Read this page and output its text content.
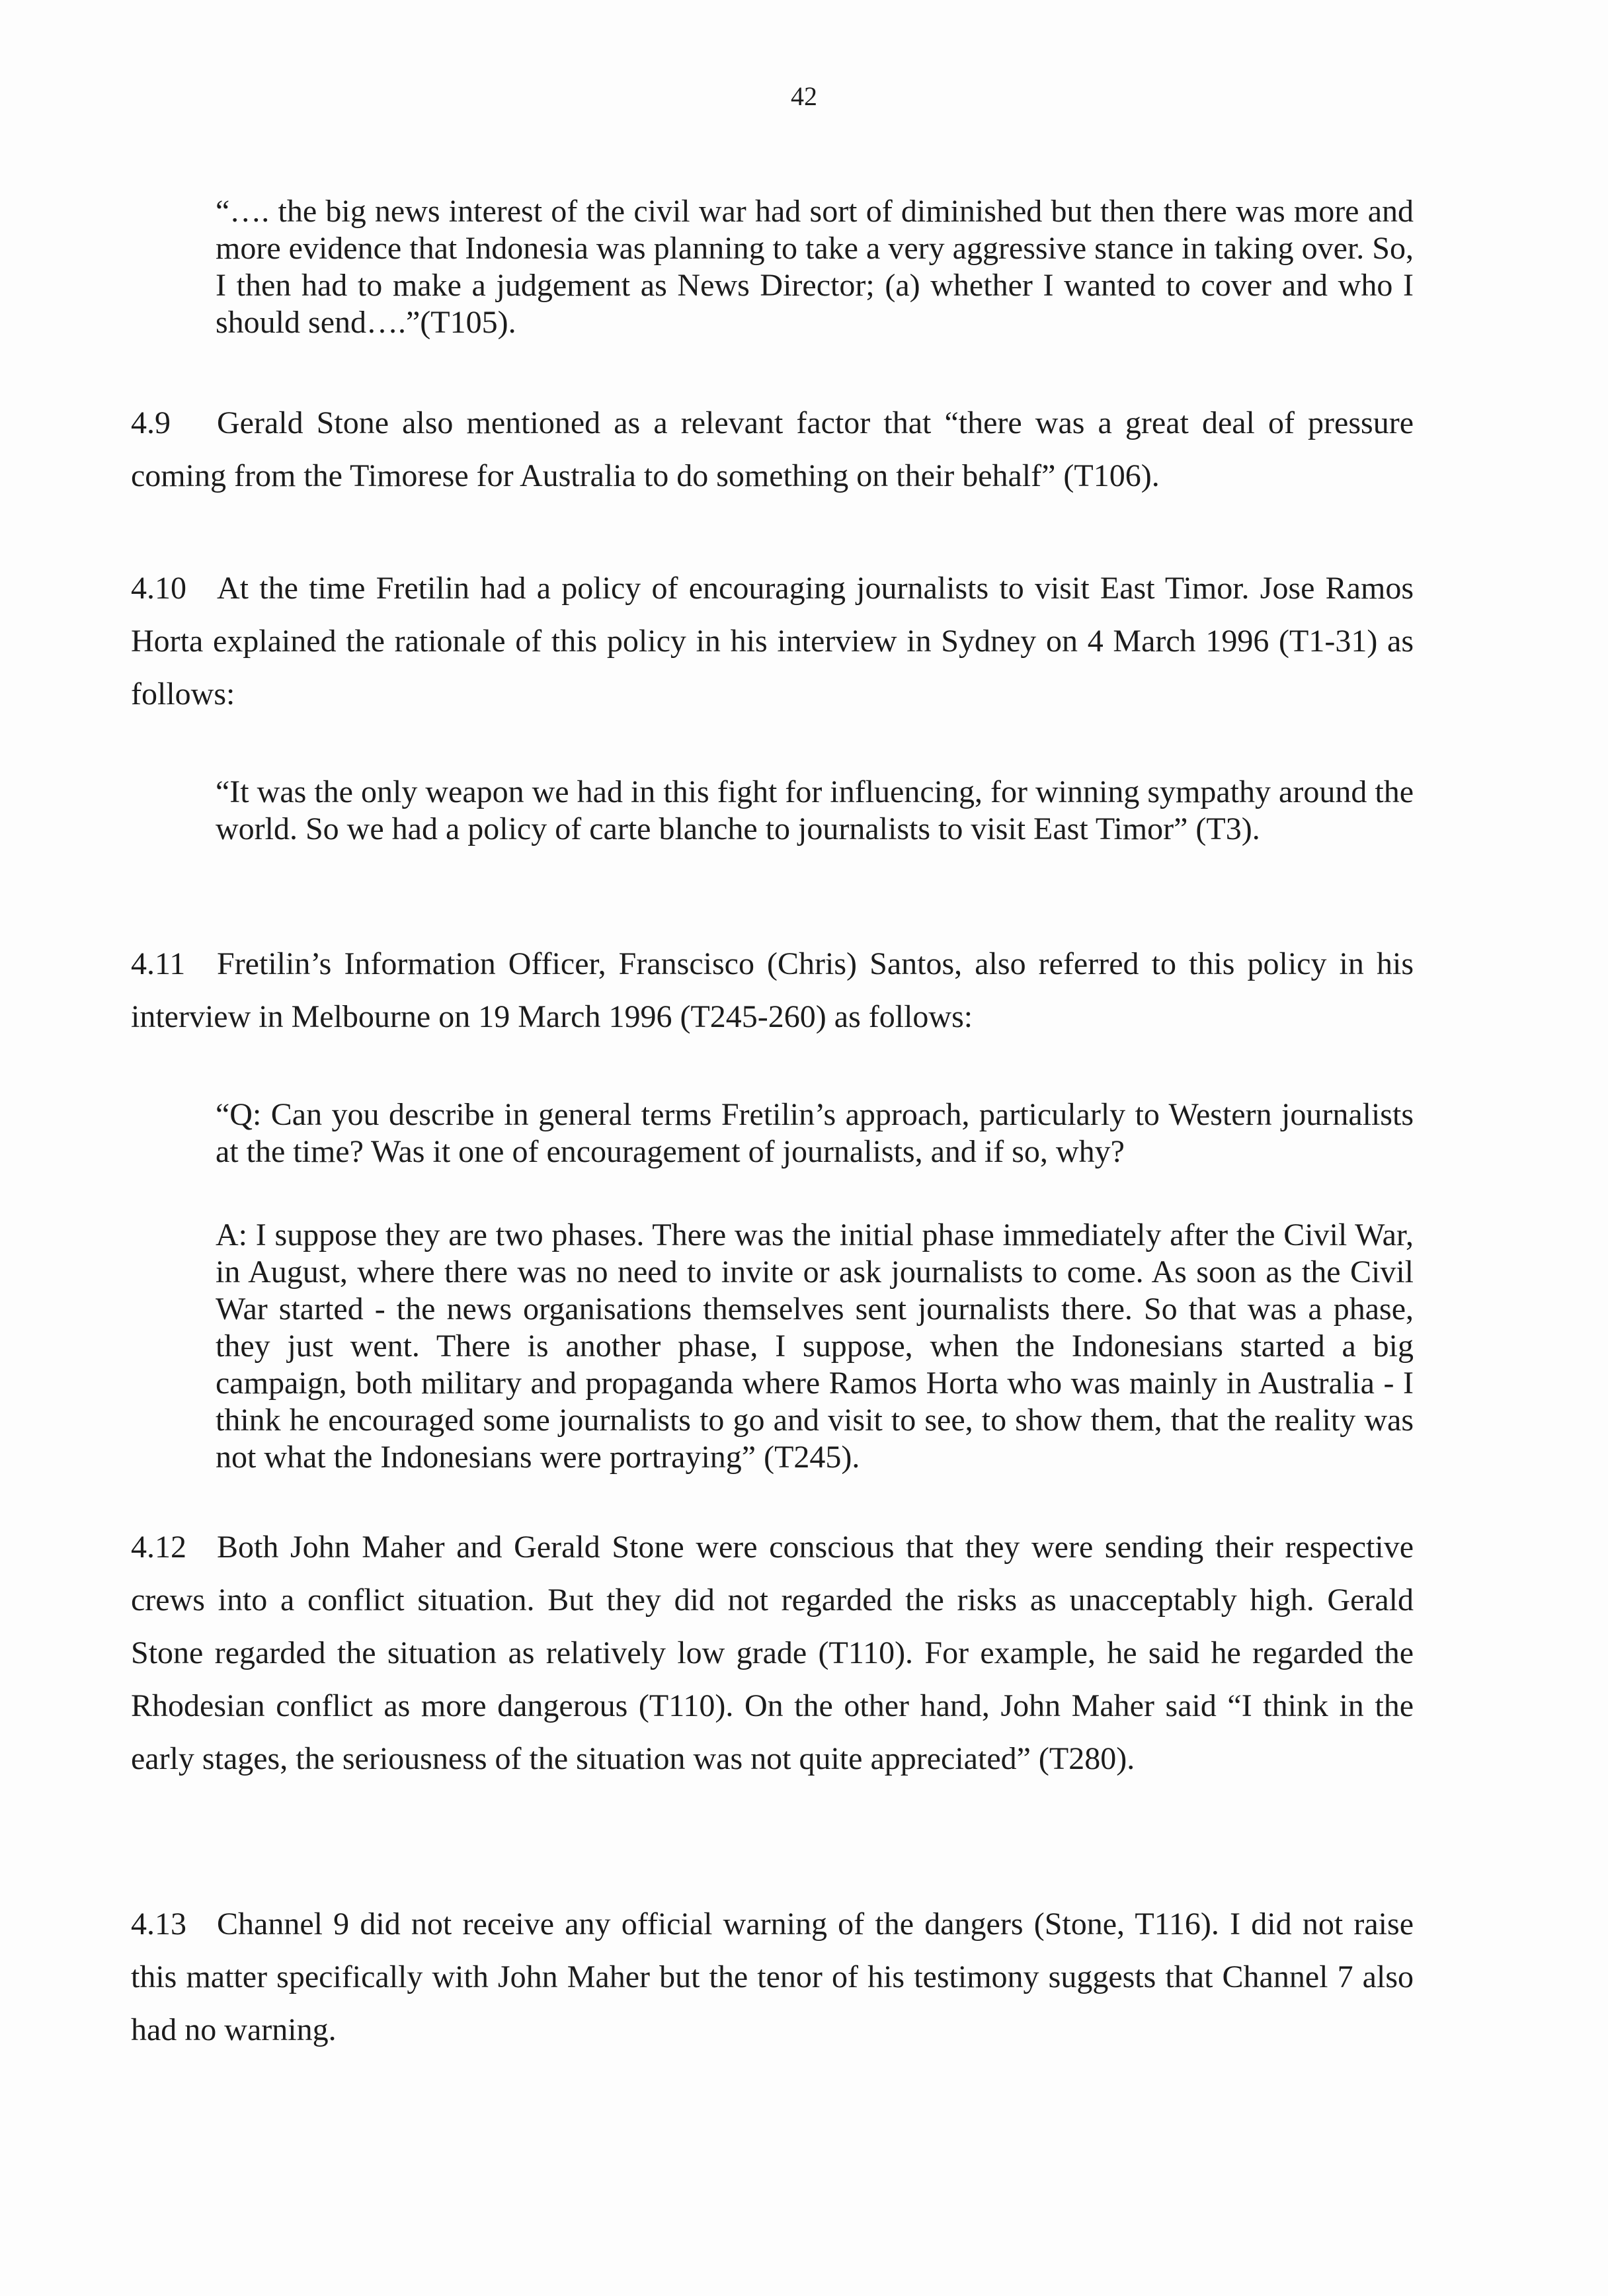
42

“…. the big news interest of the civil war had sort of diminished but then there was more and more evidence that Indonesia was planning to take a very aggressive stance in taking over. So, I then had to make a judgement as News Director; (a) whether I wanted to cover and who I should send….”(T105).

4.9 Gerald Stone also mentioned as a relevant factor that “there was a great deal of pressure coming from the Timorese for Australia to do something on their behalf” (T106).
4.10 At the time Fretilin had a policy of encouraging journalists to visit East Timor. Jose Ramos Horta explained the rationale of this policy in his interview in Sydney on 4 March 1996 (T1-31) as follows:

“It was the only weapon we had in this fight for influencing, for winning sympathy around the world. So we had a policy of carte blanche to journalists to visit East Timor” (T3).

4.11 Fretilin’s Information Officer, Franscisco (Chris) Santos, also referred to this policy in his interview in Melbourne on 19 March 1996 (T245-260) as follows:

“Q: Can you describe in general terms Fretilin’s approach, particularly to Western journalists at the time? Was it one of encouragement of journalists, and if so, why?

A: I suppose they are two phases. There was the initial phase immediately after the Civil War, in August, where there was no need to invite or ask journalists to come. As soon as the Civil War started - the news organisations themselves sent journalists there. So that was a phase, they just went. There is another phase, I suppose, when the Indonesians started a big campaign, both military and propaganda where Ramos Horta who was mainly in Australia - I think he encouraged some journalists to go and visit to see, to show them, that the reality was not what the Indonesians were portraying” (T245).

4.12 Both John Maher and Gerald Stone were conscious that they were sending their respective crews into a conflict situation. But they did not regarded the risks as unacceptably high. Gerald Stone regarded the situation as relatively low grade (T110). For example, he said he regarded the Rhodesian conflict as more dangerous (T110). On the other hand, John Maher said “I think in the early stages, the seriousness of the situation was not quite appreciated” (T280).
4.13 Channel 9 did not receive any official warning of the dangers (Stone, T116). I did not raise this matter specifically with John Maher but the tenor of his testimony suggests that Channel 7 also had no warning.
